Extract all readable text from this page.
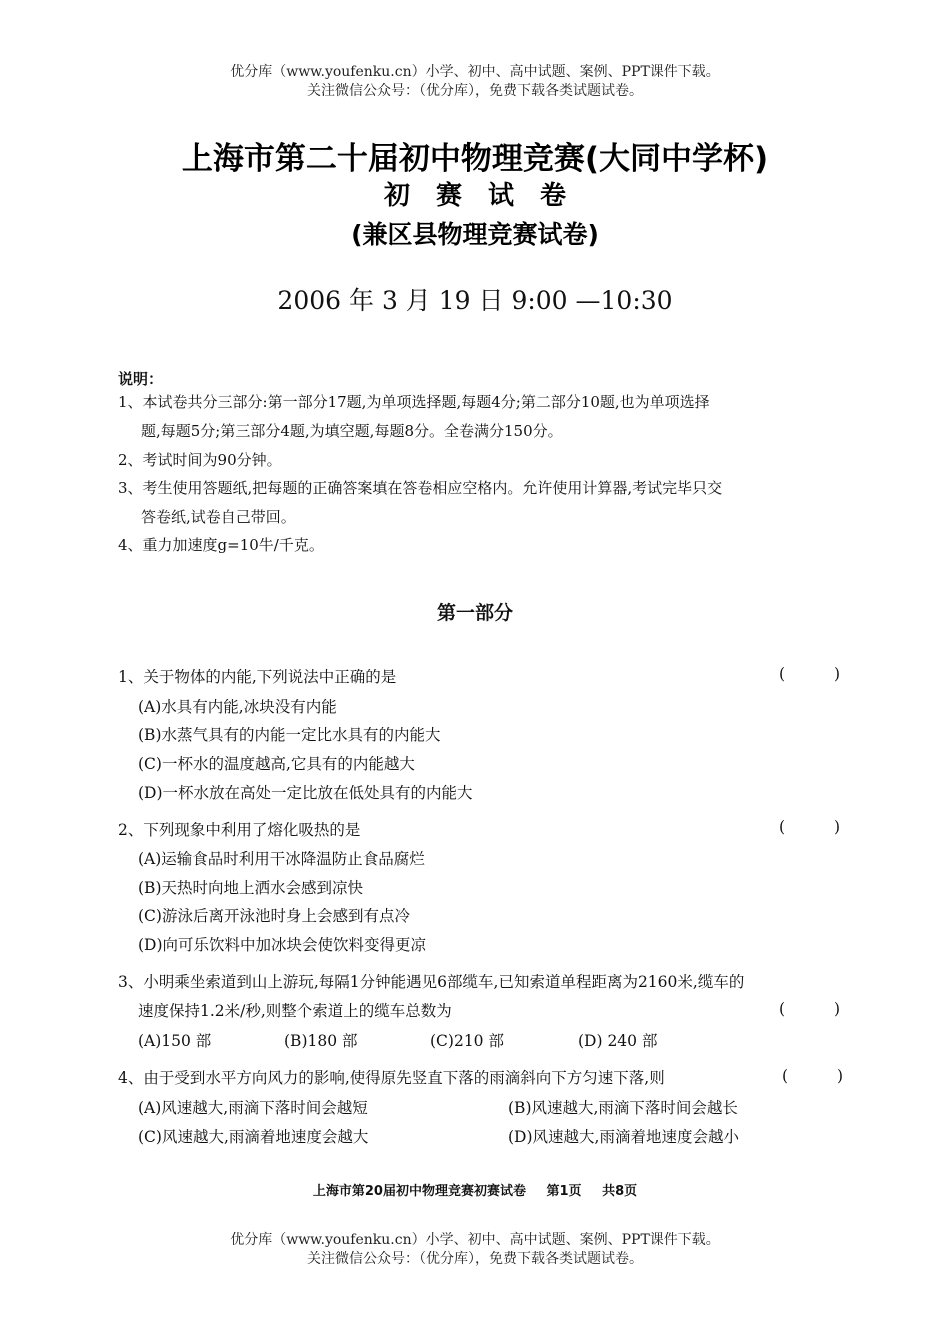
优分库（www.youfenku.cn）小学、初中、高中试题、案例、PPT课件下载。
关注微信公众号：（优分库），免费下载各类试题试卷。
上海市第二十届初中物理竞赛(大同中学杯)
初赛试卷
(兼区县物理竞赛试卷)
2006 年 3 月 19 日 9:00 —10:30
说明：
1、本试卷共分三部分:第一部分17题,为单项选择题,每题4分;第二部分10题,也为单项选择
题,每题5分;第三部分4题,为填空题,每题8分。全卷满分150分。
2、考试时间为90分钟。
3、考生使用答题纸,把每题的正确答案填在答卷相应空格内。允许使用计算器,考试完毕只交
答卷纸,试卷自己带回。
4、重力加速度g=10牛/千克。
第一部分
1、关于物体的内能,下列说法中正确的是	( )
(A)水具有内能,冰块没有内能
(B)水蒸气具有的内能一定比水具有的内能大
(C)一杯水的温度越高,它具有的内能越大
(D)一杯水放在高处一定比放在低处具有的内能大
2、下列现象中利用了熔化吸热的是	( )
(A)运输食品时利用干冰降温防止食品腐烂
(B)天热时向地上洒水会感到凉快
(C)游泳后离开泳池时身上会感到有点冷
(D)向可乐饮料中加冰块会使饮料变得更凉
3、小明乘坐索道到山上游玩,每隔1分钟能遇见6部缆车,已知索道单程距离为2160米,缆车的
速度保持1.2米/秒,则整个索道上的缆车总数为	( )
(A)150 部	(B)180 部	(C)210 部	(D) 240 部
4、由于受到水平方向风力的影响,使得原先竖直下落的雨滴斜向下方匀速下落,则	( )
(A)风速越大,雨滴下落时间会越短	(B)风速越大,雨滴下落时间会越长
(C)风速越大,雨滴着地速度会越大	(D)风速越大,雨滴着地速度会越小
上海市第20届初中物理竞赛初赛试卷 第1页 共8页
优分库（www.youfenku.cn）小学、初中、高中试题、案例、PPT课件下载。
关注微信公众号：（优分库），免费下载各类试题试卷。
